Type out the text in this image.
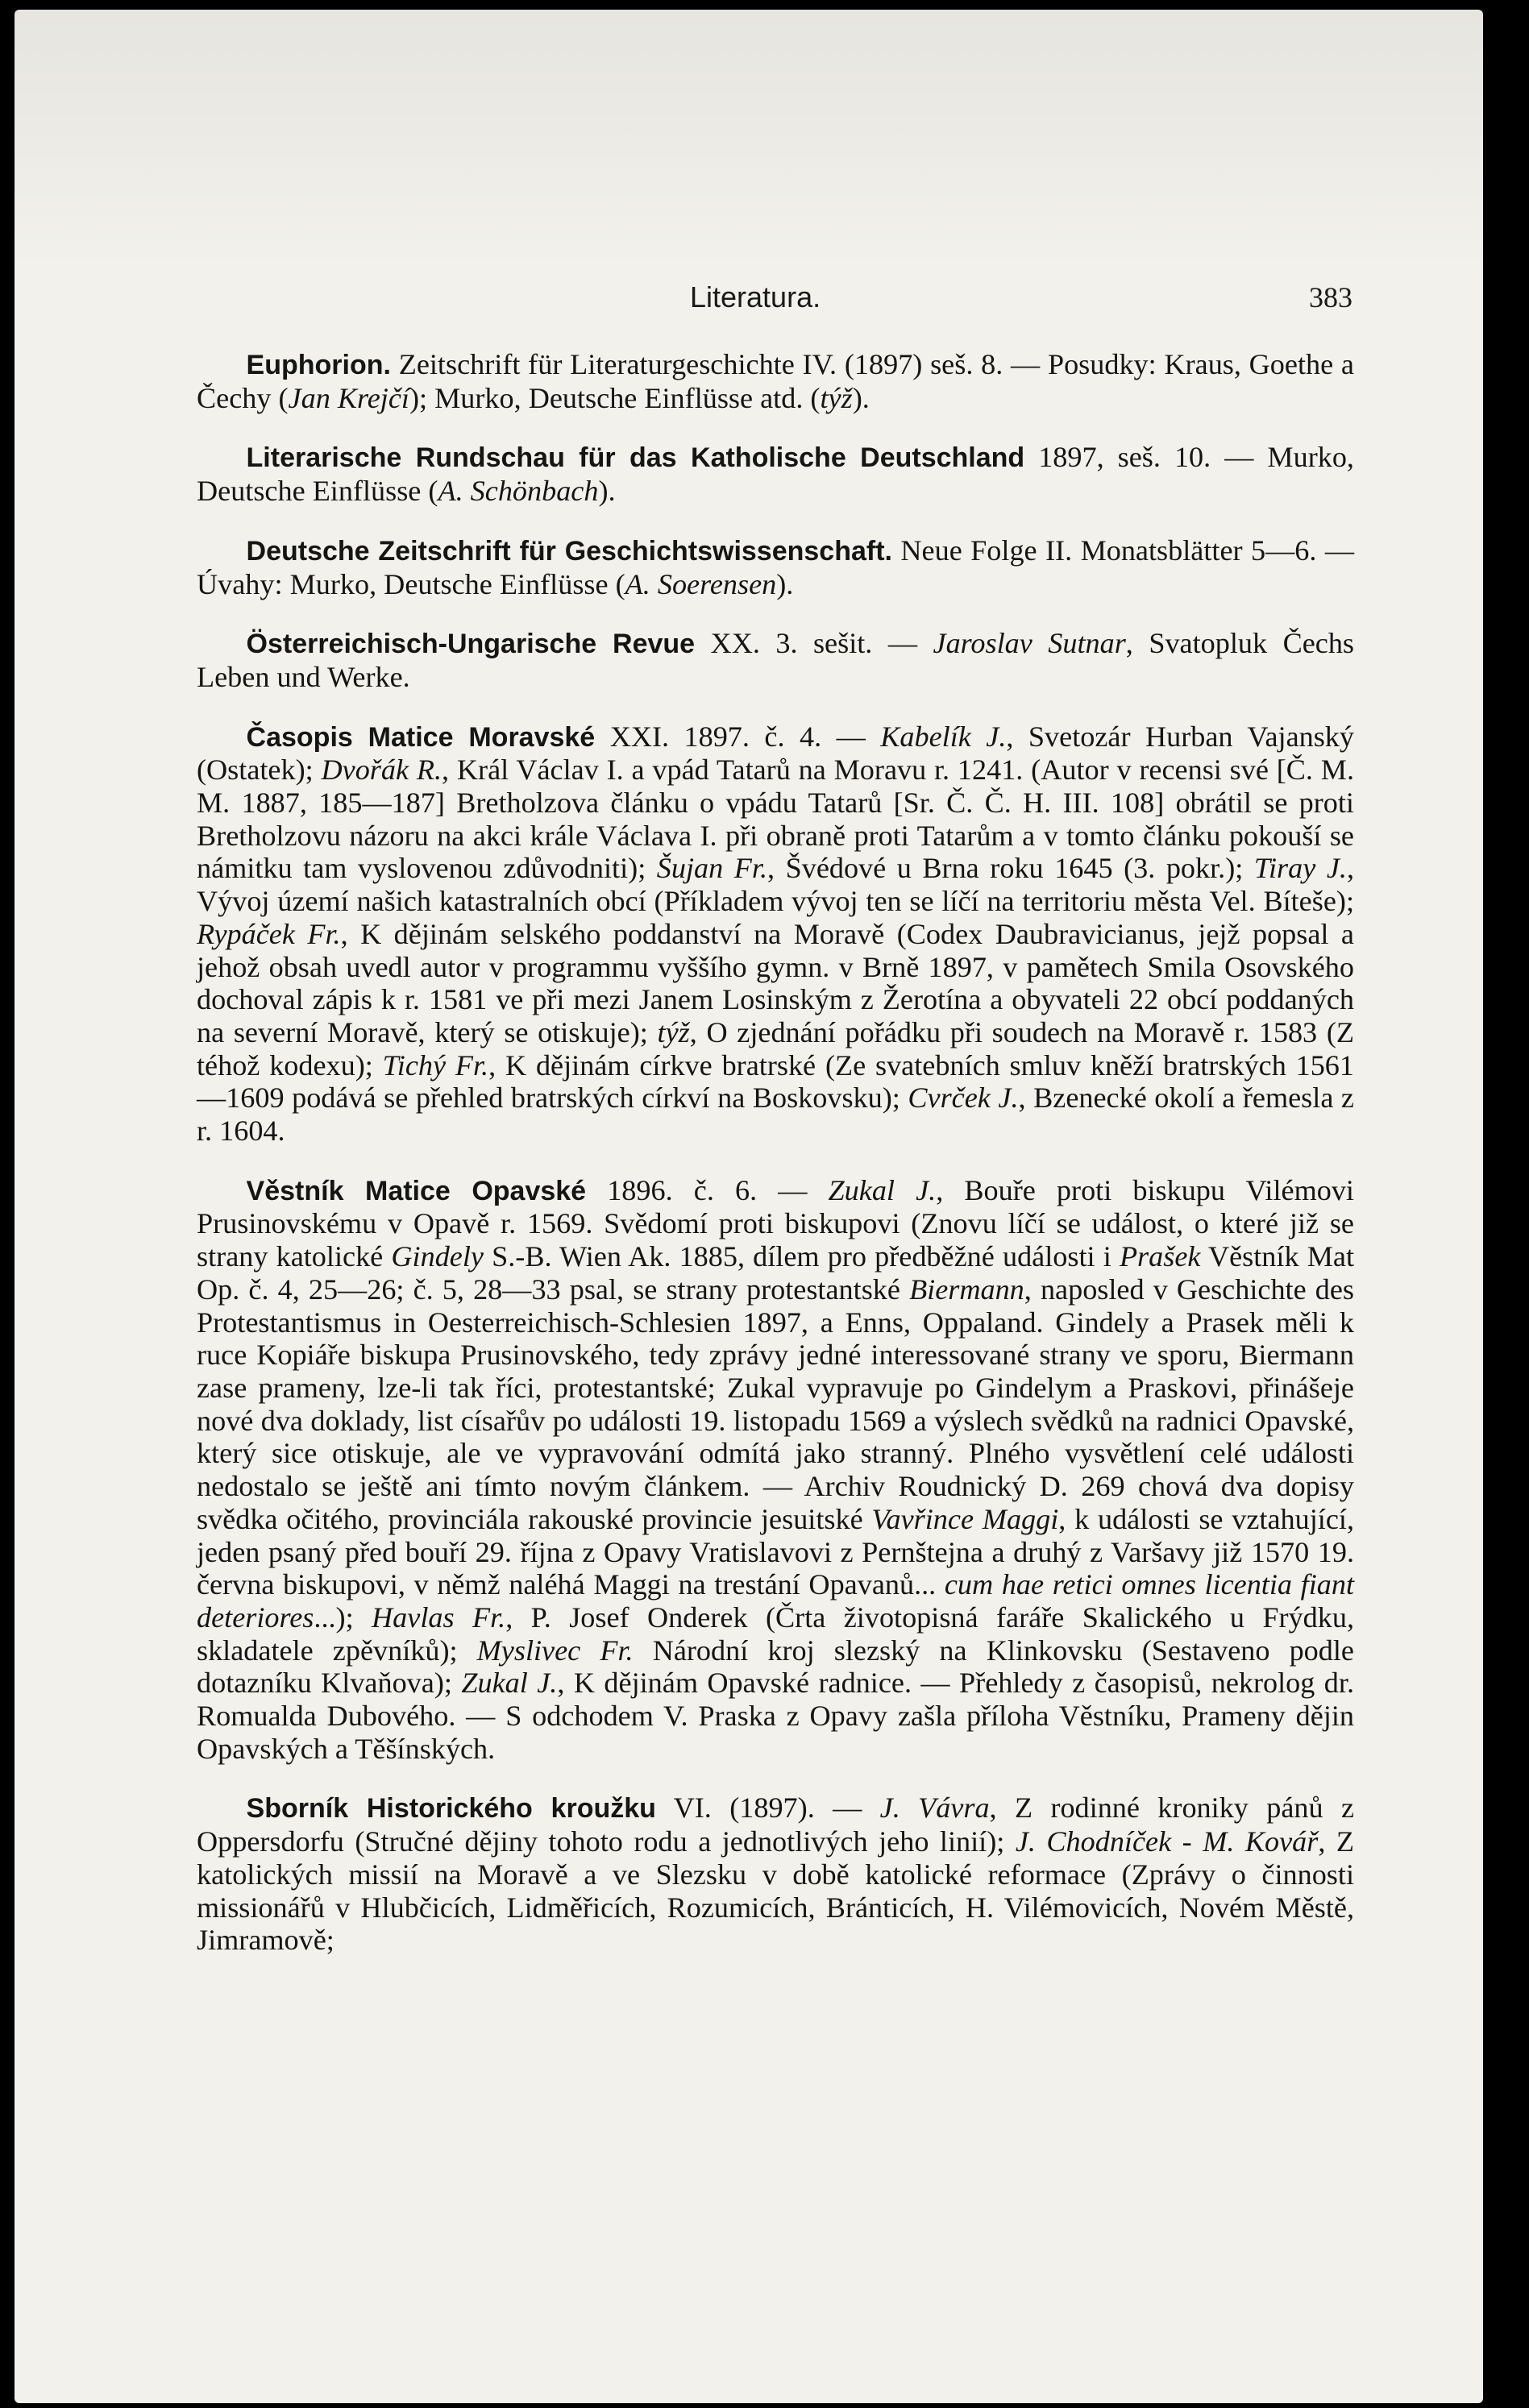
Literatura.	383

Euphorion. Zeitschrift für Literaturgeschichte IV. (1897) seš. 8. — Posudky: Kraus, Goethe a Čechy (Jan Krejčí); Murko, Deutsche Einflüsse atd. (týž).

Literarische Rundschau für das Katholische Deutschland 1897, seš. 10. — Murko, Deutsche Einflüsse (A. Schönbach).

Deutsche Zeitschrift für Geschichtswissenschaft. Neue Folge II. Monatsblätter 5—6. — Úvahy: Murko, Deutsche Einflüsse (A. Soerensen).

Österreichisch-Ungarische Revue XX. 3. sešit. — Jaroslav Sutnar, Svatopluk Čechs Leben und Werke.

Časopis Matice Moravské XXI. 1897. č. 4. — Kabelík J., Svetozár Hurban Vajanský (Ostatek); Dvořák R., Král Václav I. a vpád Tatarů na Moravu r. 1241. (Autor v recensi své [Č. M. M. 1887, 185—187] Bretholzova článku o vpádu Tatarů [Sr. Č. Č. H. III. 108] obrátil se proti Bretholzovu názoru na akci krále Václava I. při obraně proti Tatarům a v tomto článku pokouší se námitku tam vyslovenou zdůvodniti); Šujan Fr., Švédové u Brna roku 1645 (3. pokr.); Tiray J., Vývoj území našich katastralních obcí (Příkladem vývoj ten se líčí na territoriu města Vel. Bíteše); Rypáček Fr., K dějinám selského poddanství na Moravě (Codex Daubravicianus, jejž popsal a jehož obsah uvedl autor v programmu vyššího gymn. v Brně 1897, v pamětech Smila Osovského dochoval zápis k r. 1581 ve při mezi Janem Losinským z Žerotína a obyvateli 22 obcí poddaných na severní Moravě, který se otiskuje); týž, O zjednání pořádku při soudech na Moravě r. 1583 (Z téhož kodexu); Tichý Fr., K dějinám církve bratrské (Ze svatebních smluv kněží bratrských 1561—1609 podává se přehled bratrských církví na Boskovsku); Cvrček J., Bzenecké okolí a řemesla z r. 1604.

Věstník Matice Opavské 1896. č. 6. — Zukal J., Bouře proti biskupu Vilémovi Prusinovskému v Opavě r. 1569. Svědomí proti biskupovi (Znovu líčí se událost, o které již se strany katolické Gindely S.-B. Wien Ak. 1885, dílem pro předběžné události i Prašek Věstník Mat Op. č. 4, 25—26; č. 5, 28—33 psal, se strany protestantské Biermann, naposled v Geschichte des Protestantismus in Oesterreichisch-Schlesien 1897, a Enns, Oppaland. Gindely a Prasek měli k ruce Kopiáře biskupa Prusinovského, tedy zprávy jedné interessované strany ve sporu, Biermann zase prameny, lze-li tak říci, protestantské; Zukal vypravuje po Gindelym a Praskovi, přinášeje nové dva doklady, list císařův po události 19. listopadu 1569 a výslech svědků na radnici Opavské, který sice otiskuje, ale ve vypravování odmítá jako stranný. Plného vysvětlení celé události nedostalo se ještě ani tímto novým článkem. — Archiv Roudnický D. 269 chová dva dopisy svědka očitého, provinciála rakouské provincie jesuitské Vavřince Maggi, k události se vztahující, jeden psaný před bouří 29. října z Opavy Vratislavovi z Pernštejna a druhý z Varšavy již 1570 19. června biskupovi, v němž naléhá Maggi na trestání Opavanů... cum hae retici omnes licentia fiant deteriores...); Havlas Fr., P. Josef Onderek (Črta životopisná faráře Skalického u Frýdku, skladatele zpěvníků); Myslivec Fr. Národní kroj slezský na Klinkovsku (Sestaveno podle dotazníku Klvaňova); Zukal J., K dějinám Opavské radnice. — Přehledy z časopisů, nekrolog dr. Romualda Dubového. — S odchodem V. Praska z Opavy zašla příloha Věstníku, Prameny dějin Opavských a Těšínských.

Sborník Historického kroužku VI. (1897). — J. Vávra, Z rodinné kroniky pánů z Oppersdorfu (Stručné dějiny tohoto rodu a jednotlivých jeho linií); J. Chodníček - M. Kovář, Z katolických missií na Moravě a ve Slezsku v době katolické reformace (Zprávy o činnosti missionářů v Hlubčicích, Lidměřicích, Rozumicích, Bránticích, H. Vilémovicích, Novém Městě, Jimramově;
